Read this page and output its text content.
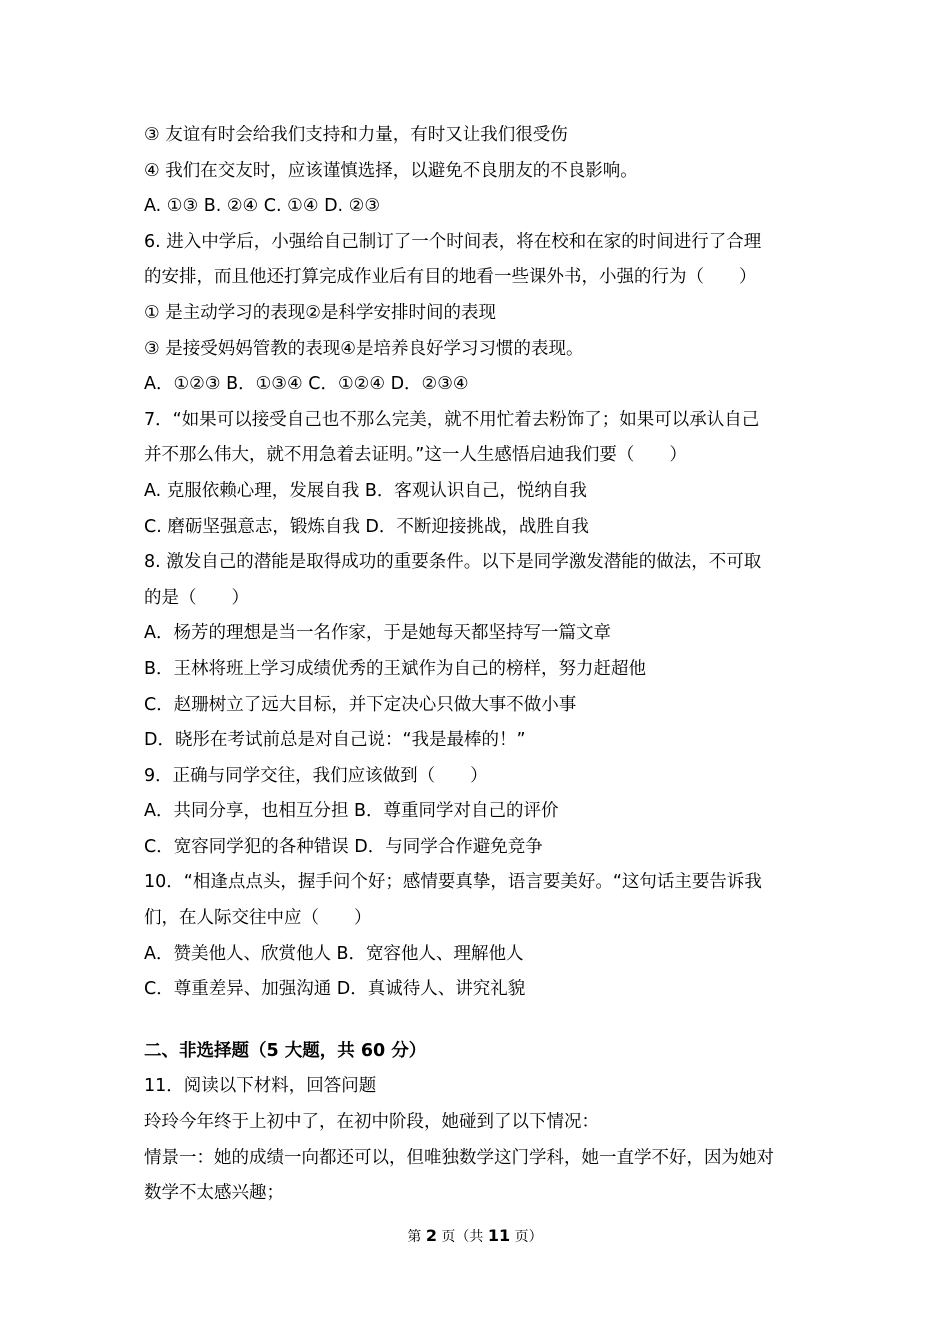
③ 友谊有时会给我们支持和力量，有时又让我们很受伤
④ 我们在交友时，应该谨慎选择，以避免不良朋友的不良影响。
A. ①③ B. ②④ C. ①④ D. ②③
6. 进入中学后，小强给自己制订了一个时间表，将在校和在家的时间进行了合理
的安排，而且他还打算完成作业后有目的地看一些课外书，小强的行为（　　）
① 是主动学习的表现②是科学安排时间的表现
③ 是接受妈妈管教的表现④是培养良好学习习惯的表现。
A．①②③ B．①③④ C．①②④ D．②③④
7．“如果可以接受自己也不那么完美，就不用忙着去粉饰了；如果可以承认自己
并不那么伟大，就不用急着去证明。”这一人生感悟启迪我们要（　　）
A. 克服依赖心理，发展自我 B．客观认识自己，悦纳自我
C. 磨砺坚强意志，锻炼自我 D．不断迎接挑战，战胜自我
8. 激发自己的潜能是取得成功的重要条件。以下是同学激发潜能的做法，不可取
的是（　　）
A．杨芳的理想是当一名作家，于是她每天都坚持写一篇文章
B．王林将班上学习成绩优秀的王斌作为自己的榜样，努力赶超他
C．赵珊树立了远大目标，并下定决心只做大事不做小事
D．晓彤在考试前总是对自己说：“我是最棒的！”
9．正确与同学交往，我们应该做到（　　）
A．共同分享，也相互分担 B．尊重同学对自己的评价
C．宽容同学犯的各种错误 D．与同学合作避免竞争
10．“相逢点点头，握手问个好；感情要真挚，语言要美好。“这句话主要告诉我
们，在人际交往中应（　　）
A．赞美他人、欣赏他人 B．宽容他人、理解他人
C．尊重差异、加强沟通 D．真诚待人、讲究礼貌
二、非选择题（5 大题，共 60 分）
11．阅读以下材料，回答问题
玲玲今年终于上初中了，在初中阶段，她碰到了以下情况：
情景一：她的成绩一向都还可以，但唯独数学这门学科，她一直学不好，因为她对
数学不太感兴趣；
第 2 页（共 11 页）
